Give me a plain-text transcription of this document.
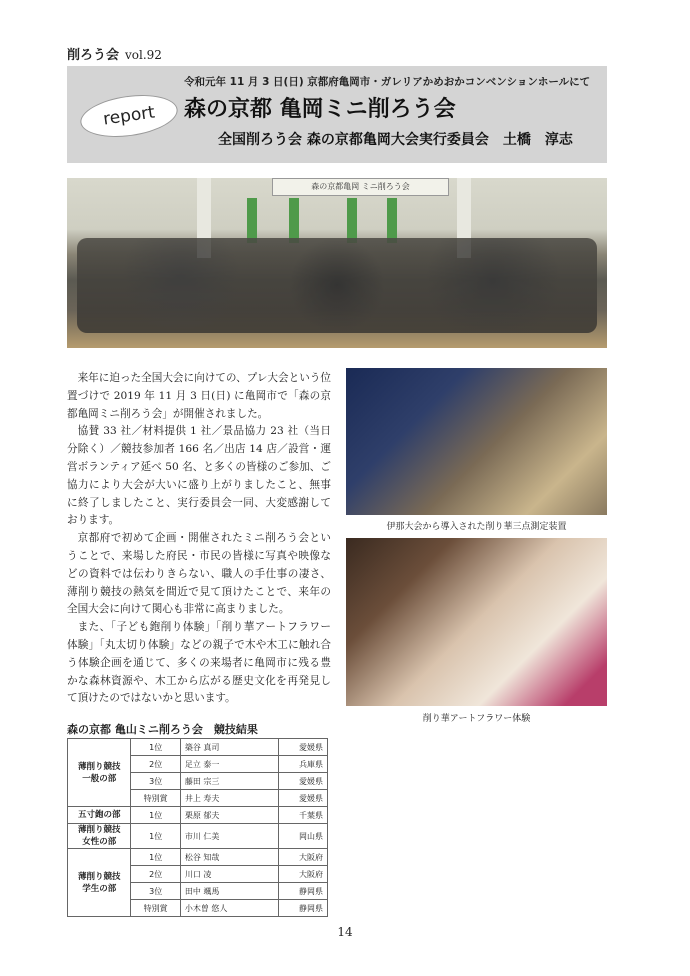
削ろう会 vol.92
report
令和元年 11 月 3 日(日) 京都府亀岡市・ガレリアかめおかコンベンションホールにて
森の京都 亀岡ミニ削ろう会
全国削ろう会 森の京都亀岡大会実行委員会　土橋　淳志
森の京都亀岡 ミニ削ろう会

来年に迫った全国大会に向けての、プレ大会という位置づけで 2019 年 11 月 3 日(日) に亀岡市で「森の京都亀岡ミニ削ろう会」が開催されました。

協賛 33 社／材料提供 1 社／景品協力 23 社（当日分除く）／競技参加者 166 名／出店 14 店／設営・運営ボランティア延べ 50 名、と多くの皆様のご参加、ご協力により大会が大いに盛り上がりましたこと、無事に終了しましたこと、実行委員会一同、大変感謝しております。

京都府で初めて企画・開催されたミニ削ろう会ということで、来場した府民・市民の皆様に写真や映像などの資料では伝わりきらない、職人の手仕事の凄さ、薄削り競技の熱気を間近で見て頂けたことで、来年の全国大会に向けて関心も非常に高まりました。

また、「子ども鉋削り体験」「削り華アートフラワー体験」「丸太切り体験」などの親子で木や木工に触れ合う体験企画を通じて、多くの来場者に亀岡市に残る豊かな森林資源や、木工から広がる歴史文化を再発見して頂けたのではないかと思います。

伊那大会から導入された削り華三点測定装置
削り華アートフラワー体験
森の京都 亀山ミニ削ろう会　競技結果
薄削り競技
一般の部	1位	築谷 真司	愛媛県
	2位	足立 泰一	兵庫県
	3位	藤田 宗三	愛媛県
	特別賞	井上 寿夫	愛媛県
五寸鉋の部	1位	栗原 郁夫	千葉県
薄削り競技
女性の部	1位	市川 仁美	岡山県
薄削り競技
学生の部	1位	松谷 知哉	大阪府
	2位	川口 凌	大阪府
	3位	田中 颯馬	静岡県
	特別賞	小木曽 悠人	静岡県
14
